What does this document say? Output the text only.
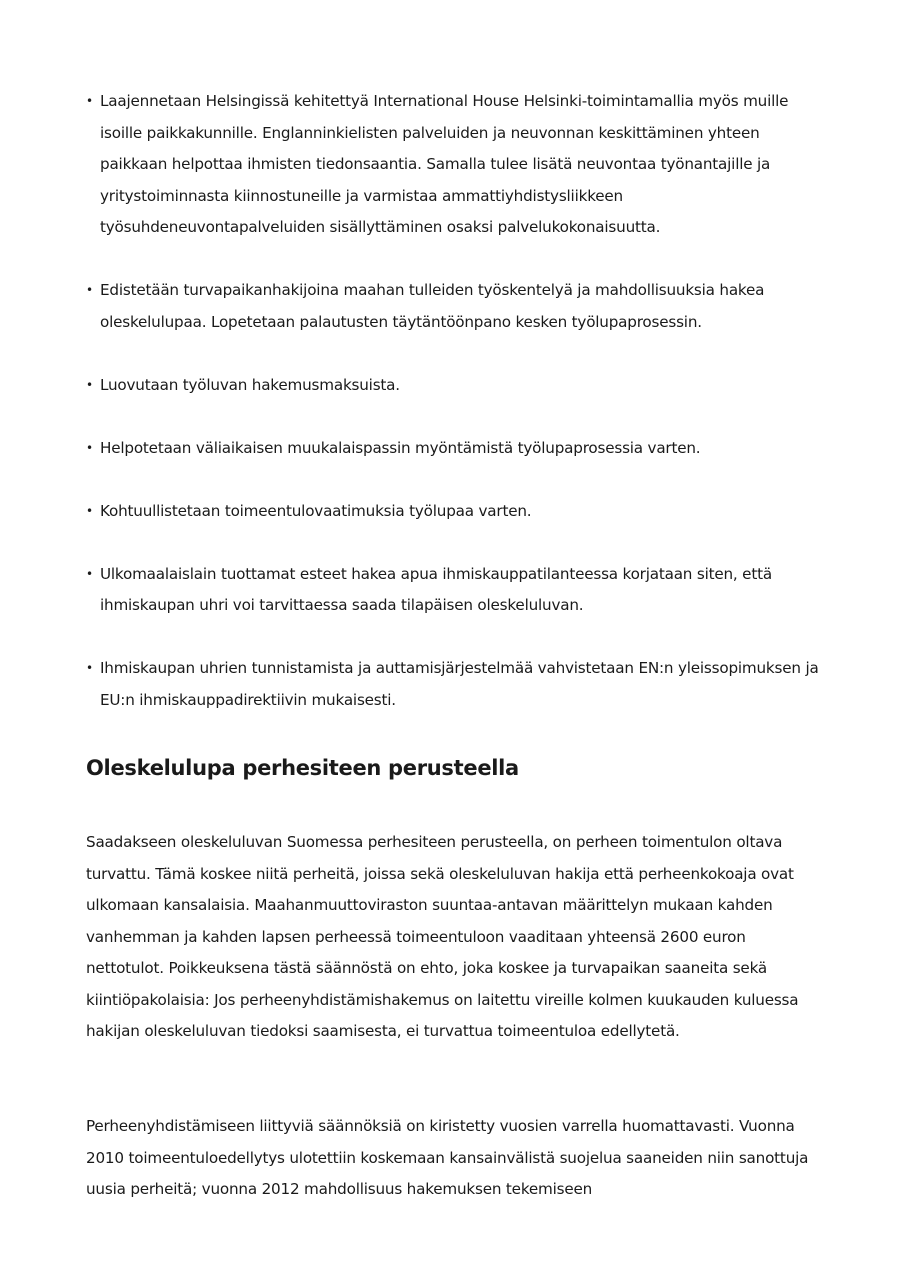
• Laajennetaan Helsingissä kehitettyä International House Helsinki-toimintamallia myös muille isoille paikkakunnille. Englanninkielisten palveluiden ja neuvonnan keskittäminen yhteen paikkaan helpottaa ihmisten tiedonsaantia. Samalla tulee lisätä neuvontaa työnantajille ja yritystoiminnasta kiinnostuneille ja varmistaa ammattiyhdistysliikkeen työsuhdeneuvontapalveluiden sisällyttäminen osaksi palvelukokonaisuutta.
• Edistetään turvapaikanhakijoina maahan tulleiden työskentelyä ja mahdollisuuksia hakea oleskelulupaa. Lopetetaan palautusten täytäntöönpano kesken työlupaprosessin.
• Luovutaan työluvan hakemusmaksuista.
• Helpotetaan väliaikaisen muukalaispassin myöntämistä työlupaprosessia varten.
• Kohtuullistetaan toimeentulovaatimuksia työlupaa varten.
• Ulkomaalaislain tuottamat esteet hakea apua ihmiskauppatilanteessa korjataan siten, että ihmiskaupan uhri voi tarvittaessa saada tilapäisen oleskeluluvan.
• Ihmiskaupan uhrien tunnistamista ja auttamisjärjestelmää vahvistetaan EN:n yleissopimuksen ja EU:n ihmiskauppadirektiivin mukaisesti.
Oleskelulupa perhesiteen perusteella

Saadakseen oleskeluluvan Suomessa perhesiteen perusteella, on perheen toimentulon oltava turvattu. Tämä koskee niitä perheitä, joissa sekä oleskeluluvan hakija että perheenkokoaja ovat ulkomaan kansalaisia. Maahanmuuttoviraston suuntaa-antavan määrittelyn mukaan kahden vanhemman ja kahden lapsen perheessä toimeentuloon vaaditaan yhteensä 2600 euron nettotulot. Poikkeuksena tästä säännöstä on ehto, joka koskee ja turvapaikan saaneita sekä kiintiöpakolaisia: Jos perheenyhdistämishakemus on laitettu vireille kolmen kuukauden kuluessa hakijan oleskeluluvan tiedoksi saamisesta, ei turvattua toimeentuloa edellytetä.

Perheenyhdistämiseen liittyviä säännöksiä on kiristetty vuosien varrella huomattavasti. Vuonna 2010 toimeentuloedellytys ulotettiin koskemaan kansainvälistä suojelua saaneiden niin sanottuja uusia perheitä; vuonna 2012 mahdollisuus hakemuksen tekemiseen
